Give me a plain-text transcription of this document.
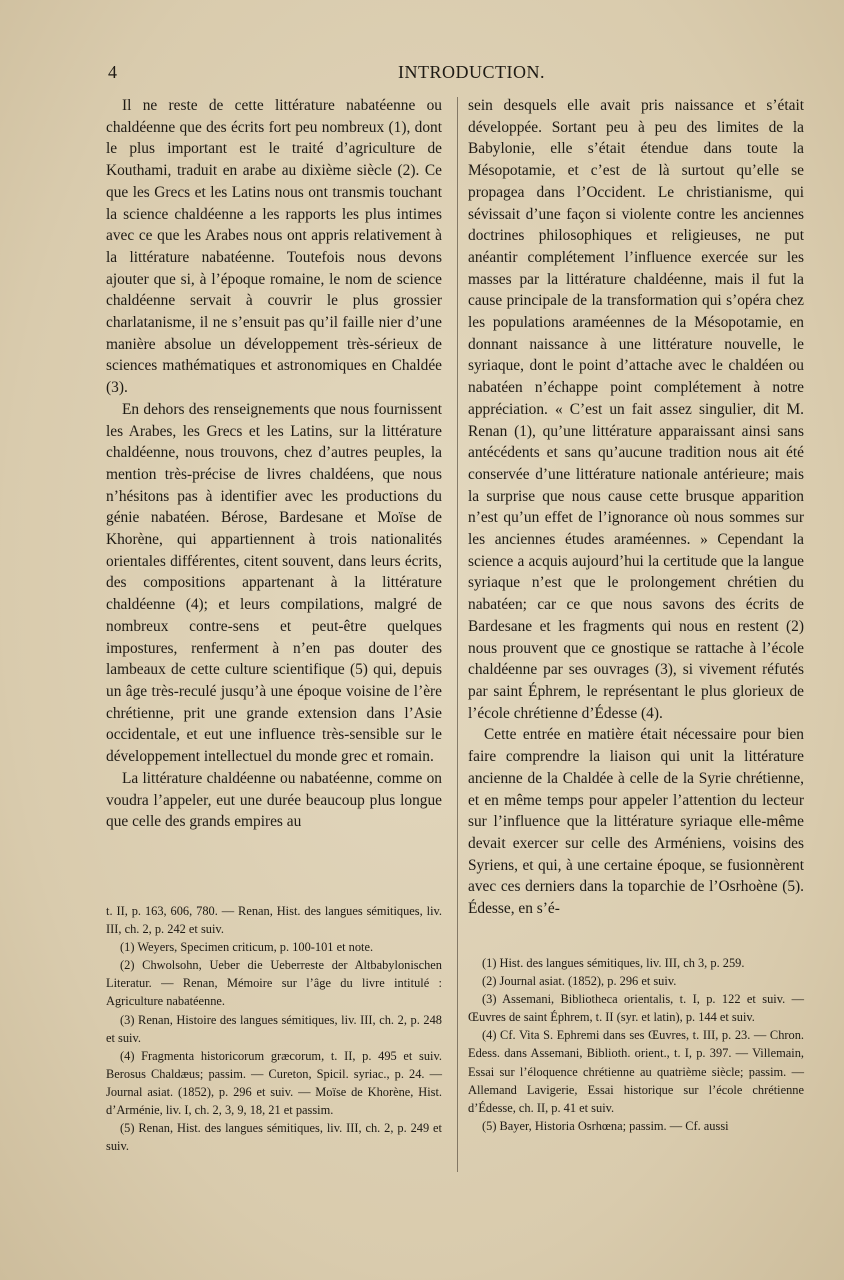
4	INTRODUCTION.

Il ne reste de cette littérature nabatéenne ou chaldéenne que des écrits fort peu nombreux (1), dont le plus important est le traité d’agriculture de Kouthami, traduit en arabe au dixième siècle (2). Ce que les Grecs et les Latins nous ont transmis touchant la science chaldéenne a les rapports les plus intimes avec ce que les Arabes nous ont appris relativement à la littérature nabatéenne. Toutefois nous devons ajouter que si, à l’époque romaine, le nom de science chaldéenne servait à couvrir le plus grossier charlatanisme, il ne s’ensuit pas qu’il faille nier d’une manière absolue un développement très-sérieux de sciences mathématiques et astronomiques en Chaldée (3).

En dehors des renseignements que nous fournissent les Arabes, les Grecs et les Latins, sur la littérature chaldéenne, nous trouvons, chez d’autres peuples, la mention très-précise de livres chaldéens, que nous n’hésitons pas à identifier avec les productions du génie nabatéen. Bérose, Bardesane et Moïse de Khorène, qui appartiennent à trois nationalités orientales différentes, citent souvent, dans leurs écrits, des compositions appartenant à la littérature chaldéenne (4); et leurs compilations, malgré de nombreux contre-sens et peut-être quelques impostures, renferment à n’en pas douter des lambeaux de cette culture scientifique (5) qui, depuis un âge très-reculé jusqu’à une époque voisine de l’ère chrétienne, prit une grande extension dans l’Asie occidentale, et eut une influence très-sensible sur le développement intellectuel du monde grec et romain.

La littérature chaldéenne ou nabatéenne, comme on voudra l’appeler, eut une durée beaucoup plus longue que celle des grands empires au

sein desquels elle avait pris naissance et s’était développée. Sortant peu à peu des limites de la Babylonie, elle s’était étendue dans toute la Mésopotamie, et c’est de là surtout qu’elle se propagea dans l’Occident. Le christianisme, qui sévissait d’une façon si violente contre les anciennes doctrines philosophiques et religieuses, ne put anéantir complétement l’influence exercée sur les masses par la littérature chaldéenne, mais il fut la cause principale de la transformation qui s’opéra chez les populations araméennes de la Mésopotamie, en donnant naissance à une littérature nouvelle, le syriaque, dont le point d’attache avec le chaldéen ou nabatéen n’échappe point complétement à notre appréciation. « C’est un fait assez singulier, dit M. Renan (1), qu’une littérature apparaissant ainsi sans antécédents et sans qu’aucune tradition nous ait été conservée d’une littérature nationale antérieure; mais la surprise que nous cause cette brusque apparition n’est qu’un effet de l’ignorance où nous sommes sur les anciennes études araméennes. » Cependant la science a acquis aujourd’hui la certitude que la langue syriaque n’est que le prolongement chrétien du nabatéen; car ce que nous savons des écrits de Bardesane et les fragments qui nous en restent (2) nous prouvent que ce gnostique se rattache à l’école chaldéenne par ses ouvrages (3), si vivement réfutés par saint Éphrem, le représentant le plus glorieux de l’école chrétienne d’Édesse (4).

Cette entrée en matière était nécessaire pour bien faire comprendre la liaison qui unit la littérature ancienne de la Chaldée à celle de la Syrie chrétienne, et en même temps pour appeler l’attention du lecteur sur l’influence que la littérature syriaque elle-même devait exercer sur celle des Arméniens, voisins des Syriens, et qui, à une certaine époque, se fusionnèrent avec ces derniers dans la toparchie de l’Osrhoène (5). Édesse, en s’é-

t. II, p. 163, 606, 780. — Renan, Hist. des langues sémitiques, liv. III, ch. 2, p. 242 et suiv.

(1) Weyers, Specimen criticum, p. 100-101 et note.

(2) Chwolsohn, Ueber die Ueberreste der Altbabylonischen Literatur. — Renan, Mémoire sur l’âge du livre intitulé : Agriculture nabatéenne.

(3) Renan, Histoire des langues sémitiques, liv. III, ch. 2, p. 248 et suiv.

(4) Fragmenta historicorum græcorum, t. II, p. 495 et suiv. Berosus Chaldæus; passim. — Cureton, Spicil. syriac., p. 24. — Journal asiat. (1852), p. 296 et suiv. — Moïse de Khorène, Hist. d’Arménie, liv. I, ch. 2, 3, 9, 18, 21 et passim.

(5) Renan, Hist. des langues sémitiques, liv. III, ch. 2, p. 249 et suiv.

(1) Hist. des langues sémitiques, liv. III, ch 3, p. 259.

(2) Journal asiat. (1852), p. 296 et suiv.

(3) Assemani, Bibliotheca orientalis, t. I, p. 122 et suiv. — Œuvres de saint Éphrem, t. II (syr. et latin), p. 144 et suiv.

(4) Cf. Vita S. Ephremi dans ses Œuvres, t. III, p. 23. — Chron. Edess. dans Assemani, Biblioth. orient., t. I, p. 397. — Villemain, Essai sur l’éloquence chrétienne au quatrième siècle; passim. — Allemand Lavigerie, Essai historique sur l’école chrétienne d’Édesse, ch. II, p. 41 et suiv.

(5) Bayer, Historia Osrhœna; passim. — Cf. aussi
